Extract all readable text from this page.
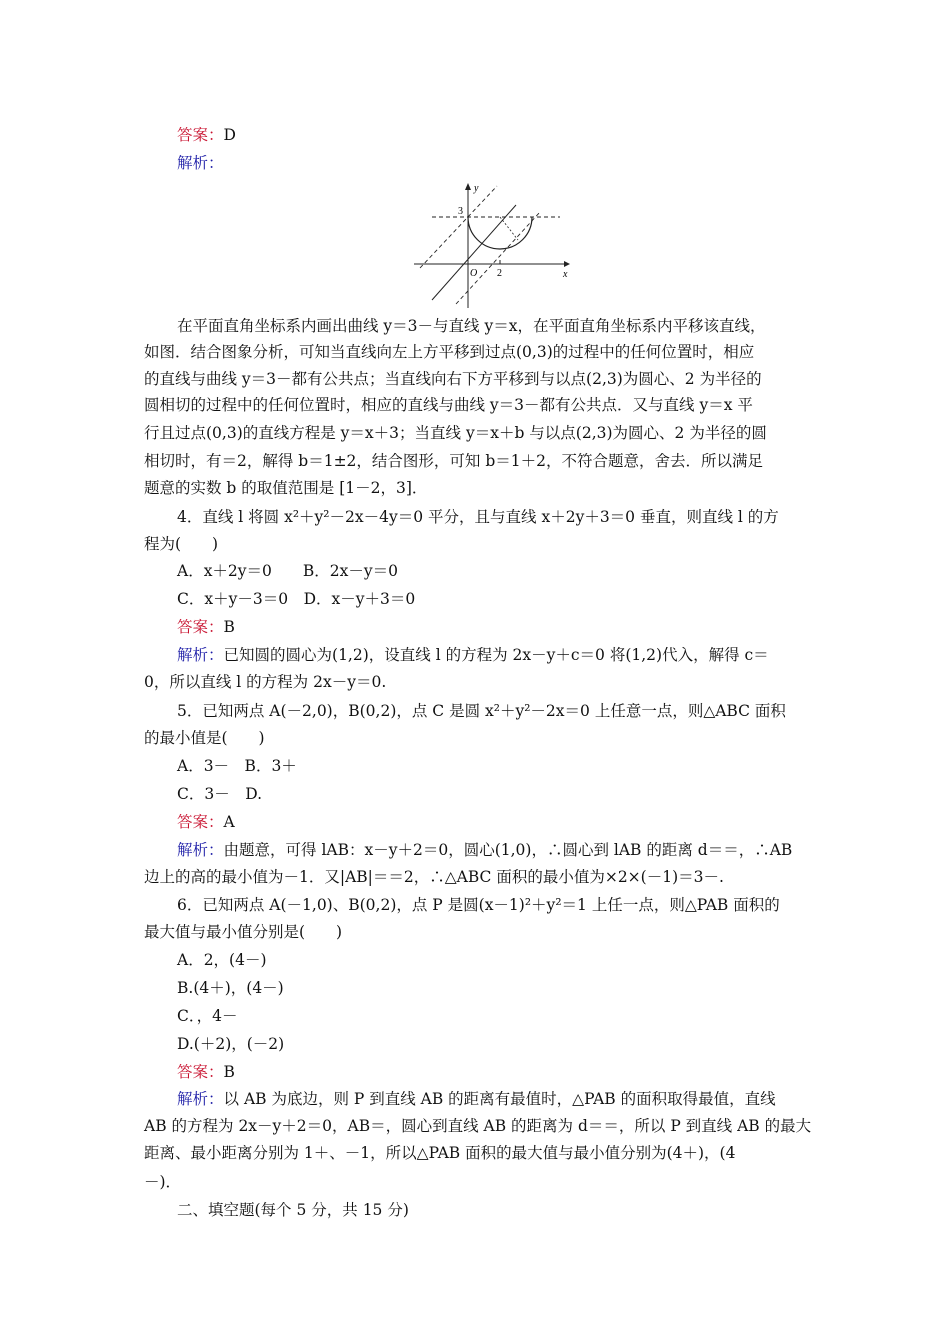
答案：D
解析：
y
x
O
3
2
在平面直角坐标系内画出曲线 y＝3－与直线 y＝x，在平面直角坐标系内平移该直线，
如图．结合图象分析，可知当直线向左上方平移到过点(0,3)的过程中的任何位置时，相应
的直线与曲线 y＝3－都有公共点；当直线向右下方平移到与以点(2,3)为圆心、2 为半径的
圆相切的过程中的任何位置时，相应的直线与曲线 y＝3－都有公共点．又与直线 y＝x 平
行且过点(0,3)的直线方程是 y＝x＋3；当直线 y＝x＋b 与以点(2,3)为圆心、2 为半径的圆
相切时，有＝2，解得 b＝1±2，结合图形，可知 b＝1＋2，不符合题意，舍去．所以满足
题意的实数 b 的取值范围是 [1－2，3]．
4．直线 l 将圆 x²＋y²－2x－4y＝0 平分，且与直线 x＋2y＋3＝0 垂直，则直线 l 的方
程为(　　)
A．x＋2y＝0　　B．2x－y＝0
C．x＋y－3＝0　D．x－y＋3＝0
答案：B
解析：已知圆的圆心为(1,2)，设直线 l 的方程为 2x－y＋c＝0 将(1,2)代入，解得 c＝
0，所以直线 l 的方程为 2x－y＝0.
5．已知两点 A(－2,0)，B(0,2)，点 C 是圆 x²＋y²－2x＝0 上任意一点，则△ABC 面积
的最小值是(　　)
A．3－　B．3＋
C．3－　D.
答案：A
解析：由题意，可得 lAB：x－y＋2＝0，圆心(1,0)，∴圆心到 lAB 的距离 d＝＝，∴AB
边上的高的最小值为－1．又|AB|＝＝2，∴△ABC 面积的最小值为×2×(－1)＝3－.
6．已知两点 A(－1,0)、B(0,2)，点 P 是圆(x－1)²＋y²＝1 上任一点，则△PAB 面积的
最大值与最小值分别是(　　)
A．2，(4－)
B.(4＋)，(4－)
C．，4－
D.(＋2)，(－2)
答案：B
解析：以 AB 为底边，则 P 到直线 AB 的距离有最值时，△PAB 的面积取得最值，直线
AB 的方程为 2x－y＋2＝0，AB＝，圆心到直线 AB 的距离为 d＝＝，所以 P 到直线 AB 的最大
距离、最小距离分别为 1＋、－1，所以△PAB 面积的最大值与最小值分别为(4＋)，(4
－)．
二、填空题(每个 5 分，共 15 分)
